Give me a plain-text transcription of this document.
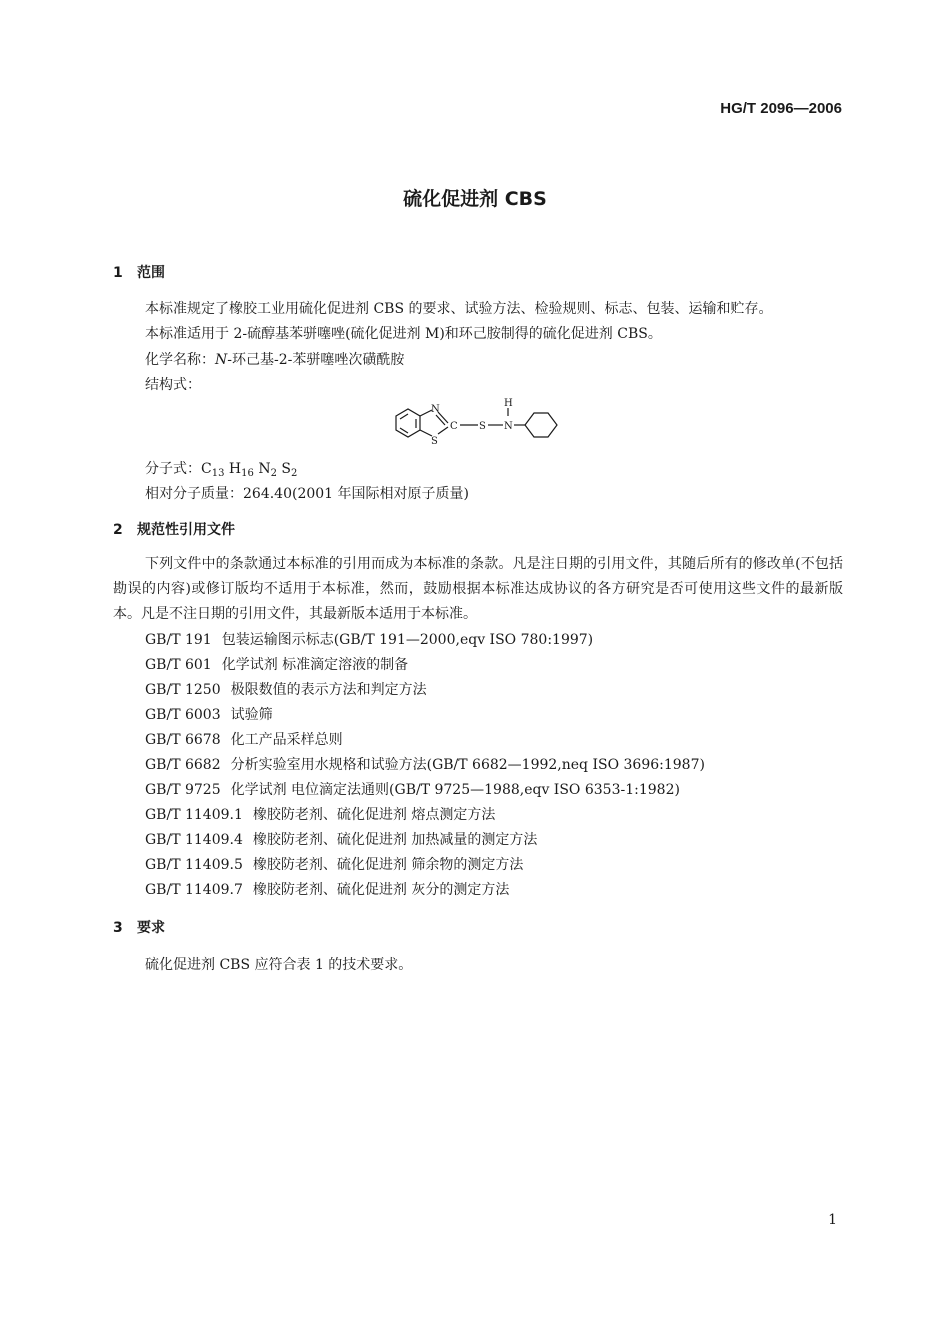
HG/T 2096—2006
硫化促进剂 CBS
1 范围
本标准规定了橡胶工业用硫化促进剂 CBS 的要求、试验方法、检验规则、标志、包装、运输和贮存。
本标准适用于 2-硫醇基苯骈噻唑(硫化促进剂 M)和环己胺制得的硫化促进剂 CBS。
化学名称：N-环己基-2-苯骈噻唑次磺酰胺
结构式：
N
C
S
S N
H
分子式：$C_{13}$ $H_{16}$ $N_2$ $S_2$
相对分子质量：264.40(2001 年国际相对原子质量)
2 规范性引用文件
下列文件中的条款通过本标准的引用而成为本标准的条款。凡是注日期的引用文件，其随后所有的修改单(不包括勘误的内容)或修订版均不适用于本标准，然而，鼓励根据本标准达成协议的各方研究是否可使用这些文件的最新版本。凡是不注日期的引用文件，其最新版本适用于本标准。
GB/T 191 包装运输图示标志(GB/T 191—2000,eqv ISO 780:1997)
GB/T 601 化学试剂 标准滴定溶液的制备
GB/T 1250 极限数值的表示方法和判定方法
GB/T 6003 试验筛
GB/T 6678 化工产品采样总则
GB/T 6682 分析实验室用水规格和试验方法(GB/T 6682—1992,neq ISO 3696:1987)
GB/T 9725 化学试剂 电位滴定法通则(GB/T 9725—1988,eqv ISO 6353-1:1982)
GB/T 11409.1 橡胶防老剂、硫化促进剂 熔点测定方法
GB/T 11409.4 橡胶防老剂、硫化促进剂 加热减量的测定方法
GB/T 11409.5 橡胶防老剂、硫化促进剂 筛余物的测定方法
GB/T 11409.7 橡胶防老剂、硫化促进剂 灰分的测定方法
3 要求
硫化促进剂 CBS 应符合表 1 的技术要求。
1
